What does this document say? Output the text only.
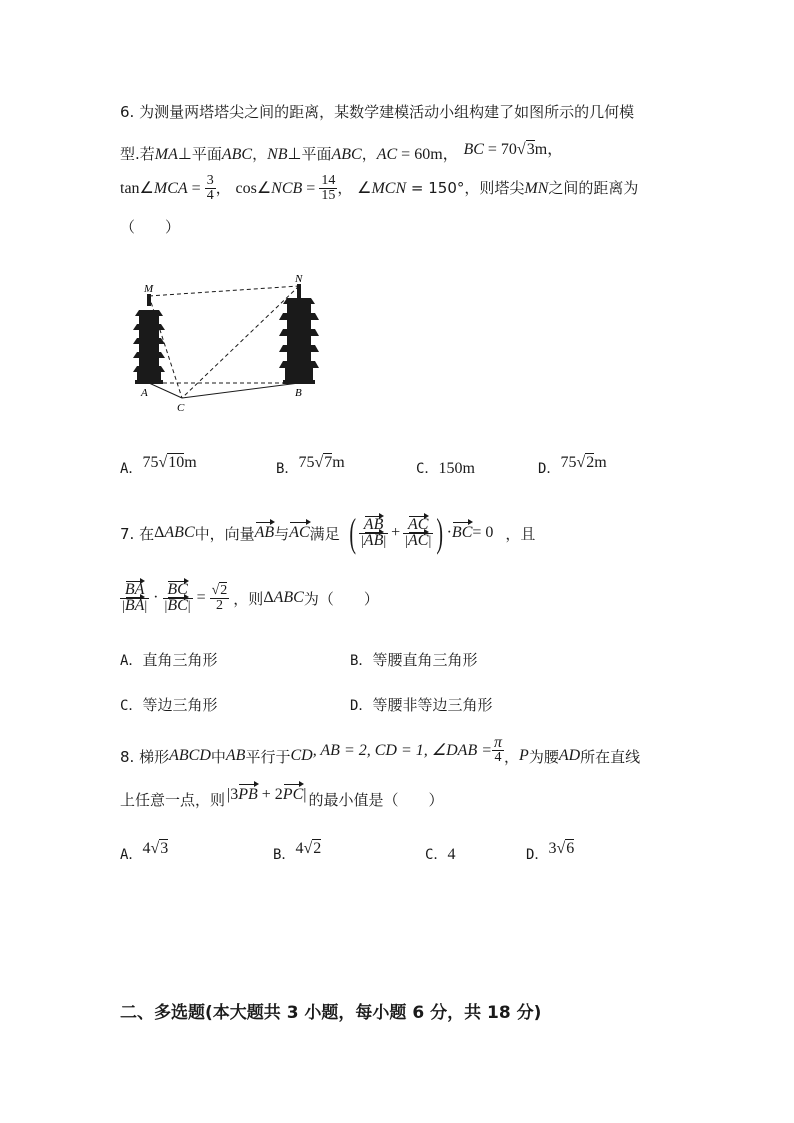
6. 为测量两塔塔尖之间的距离，某数学建模活动小组构建了如图所示的几何模
型.若MA⊥平面ABC，NB⊥平面ABC，AC = 60m， BC = 70√3m，
tan∠MCA = $\frac{3}{4}$ ， cos∠NCB = $\frac{14}{15}$ ， ∠MCN = 150°，则塔尖MN之间的距离为
（　　）
M
N
A
C
B
A．75√10m	B．75√7m	C．150m	D．75√2m
7. 在 Δ ABC 中，向量 AB 与 AC 满足 ( $\frac{AB}{|AB|} + \frac{AC}{|AC|}$ ) · BC = 0 ，且
$\frac{BA}{|BA|} \cdot \frac{BC}{|BC|} = \frac{√2}{2}$ ，则 Δ ABC 为（　　）
A．直角三角形	B．等腰直角三角形
C．等边三角形	D．等腰非等边三角形
8. 梯形 ABCD 中 AB 平行于 CD , AB = 2, CD = 1, ∠DAB = $\frac{\pi}{4}$ ， P 为腰 AD 所在直线
上任意一点，则 |3PB + 2PC| 的最小值是（　　）
A．4√3	B．4√2	C．4	D．3√6
二、多选题(本大题共 3 小题，每小题 6 分，共 18 分)
